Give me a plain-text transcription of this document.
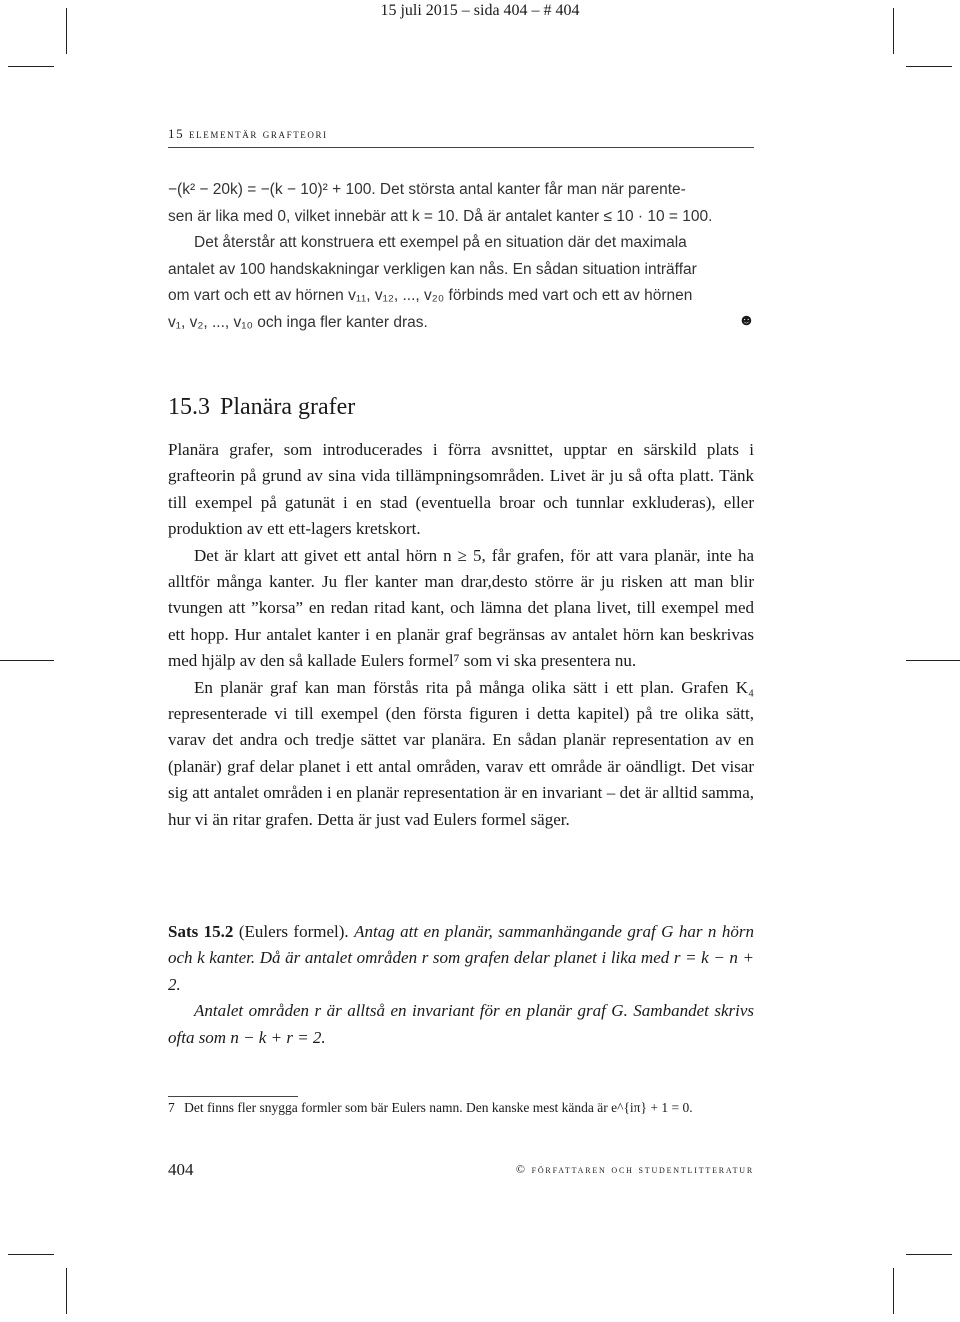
15 juli 2015 – sida 404 – # 404
15 elementär grafteori
−(k² − 20k) = −(k − 10)² + 100. Det största antal kanter får man när parente-
sen är lika med 0, vilket innebär att k = 10. Då är antalet kanter ≤ 10 · 10 = 100.
Det återstår att konstruera ett exempel på en situation där det maximala
antalet av 100 handskakningar verkligen kan nås. En sådan situation inträffar
om vart och ett av hörnen v₁₁, v₁₂, ..., v₂₀ förbinds med vart och ett av hörnen
v₁, v₂, ..., v₁₀ och inga fler kanter dras.	☻
15.3 Planära grafer

Planära grafer, som introducerades i förra avsnittet, upptar en särskild plats i grafteorin på grund av sina vida tillämpningsområden. Livet är ju så ofta platt. Tänk till exempel på gatunät i en stad (eventuella broar och tunnlar exkluderas), eller produktion av ett ett-lagers kretskort.

Det är klart att givet ett antal hörn n ≥ 5, får grafen, för att vara planär, inte ha alltför många kanter. Ju fler kanter man drar,desto större är ju risken att man blir tvungen att ”korsa” en redan ritad kant, och lämna det plana livet, till exempel med ett hopp. Hur antalet kanter i en planär graf begränsas av antalet hörn kan beskrivas med hjälp av den så kallade Eulers formel⁷ som vi ska presentera nu.

En planär graf kan man förstås rita på många olika sätt i ett plan. Grafen K₄ representerade vi till exempel (den första figuren i detta kapitel) på tre olika sätt, varav det andra och tredje sättet var planära. En sådan planär representation av en (planär) graf delar planet i ett antal områden, varav ett område är oändligt. Det visar sig att antalet områden i en planär representation är en invariant – det är alltid samma, hur vi än ritar grafen. Detta är just vad Eulers formel säger.

Sats 15.2 (Eulers formel). Antag att en planär, sammanhängande graf G har n hörn och k kanter. Då är antalet områden r som grafen delar planet i lika med r = k − n + 2.

Antalet områden r är alltså en invariant för en planär graf G. Sambandet skrivs ofta som n − k + r = 2.

7 Det finns fler snygga formler som bär Eulers namn. Den kanske mest kända är e^{iπ} + 1 = 0.
404	© författaren och studentlitteratur
